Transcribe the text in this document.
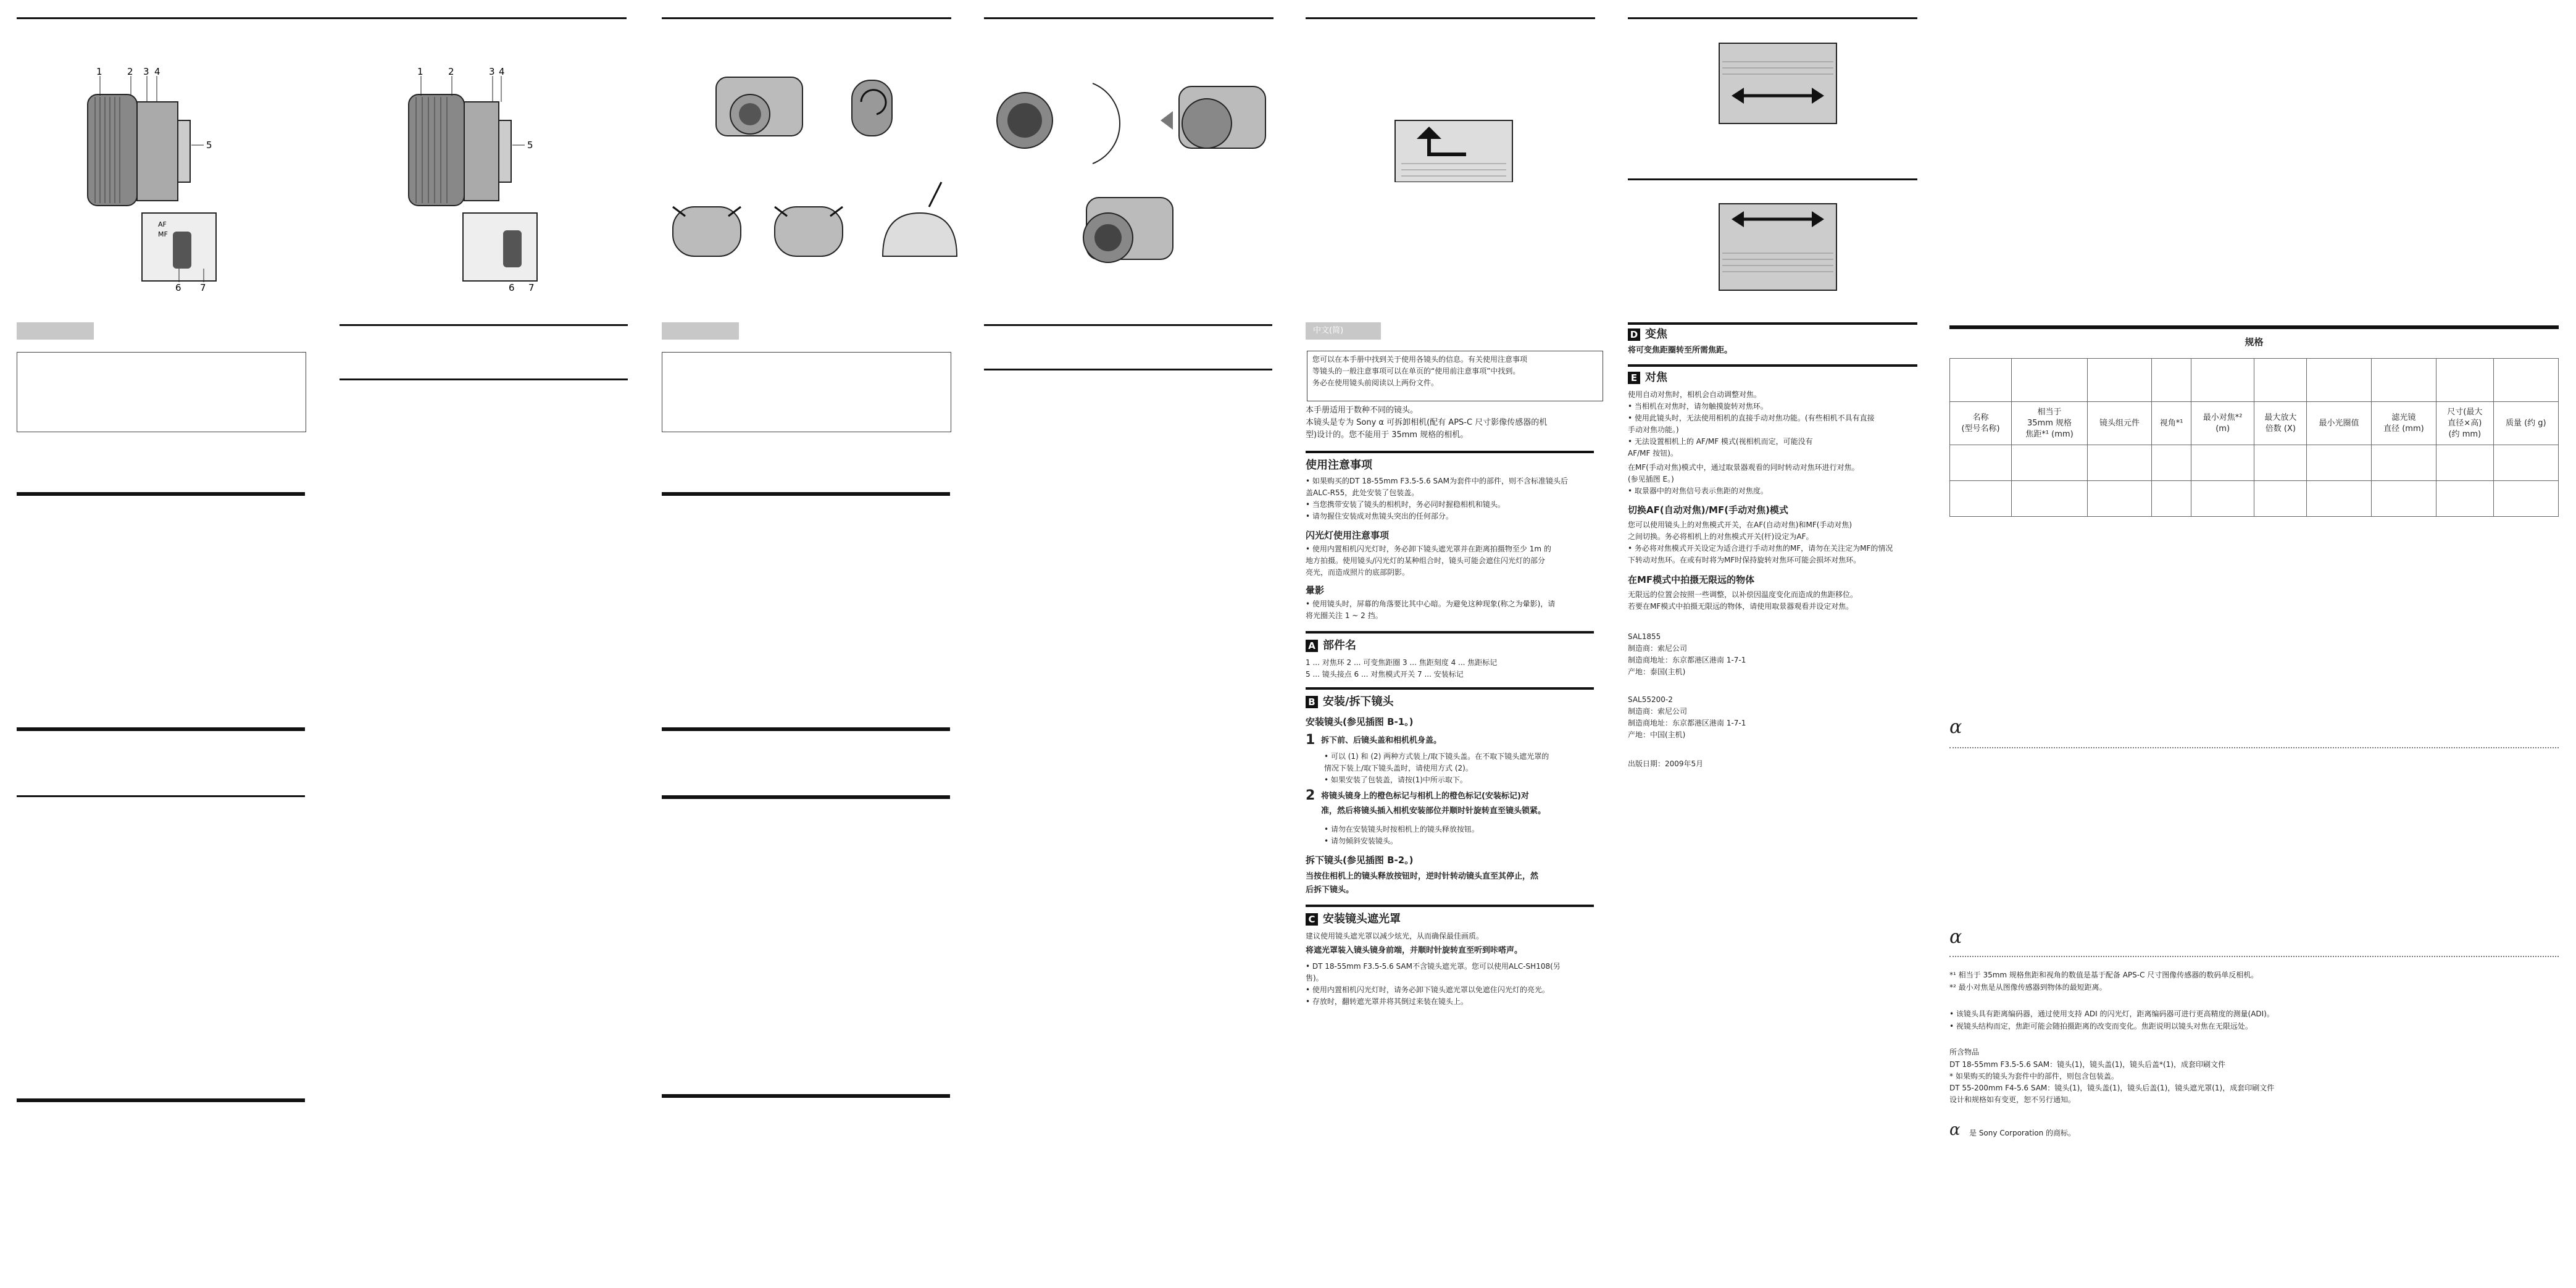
1	2 3 4
5
6 7
AF
MF
1	2	3 4
5
6 7
中文(简)
您可以在本手册中找到关于使用各镜头的信息。有关使用注意事项
等镜头的一般注意事项可以在单页的“使用前注意事项”中找到。
务必在使用镜头前阅读以上两份文件。
本手册适用于数种不同的镜头。
本镜头是专为 Sony α 可拆卸相机(配有 APS-C 尺寸影像传感器的机
型)设计的。您不能用于 35mm 规格的相机。
使用注意事项
• 如果购买的DT 18-55mm F3.5-5.6 SAM为套件中的部件，则不含标准镜头后
盖ALC-R55，此处安装了包装盖。
• 当您携带安装了镜头的相机时，务必同时握稳相机和镜头。
• 请勿握住安装成对焦镜头突出的任何部分。
闪光灯使用注意事项
• 使用内置相机闪光灯时，务必卸下镜头遮光罩并在距离拍摄物至少 1m 的
地方拍摄。使用镜头/闪光灯的某种组合时，镜头可能会遮住闪光灯的部分
亮光，而造成照片的底部阴影。
暈影
• 使用镜头时，屏幕的角落要比其中心暗。为避免这种现象(称之为暈影)，请
将光圈关注 1 ~ 2 挡。
A 部件名
1 ... 对焦环 2 ... 可变焦距圈 3 ... 焦距刻度 4 ... 焦距标记
5 ... 镜头接点 6 ... 对焦模式开关 7 ... 安装标记
B 安装/拆下镜头
安装镜头(参见插图 B-1。)
1 拆下前、后镜头盖和相机机身盖。
• 可以 (1) 和 (2) 两种方式装上/取下镜头盖。在不取下镜头遮光罩的
情况下装上/取下镜头盖时，请使用方式 (2)。
• 如果安装了包装盖，请按(1)中所示取下。
2 将镜头镜身上的橙色标记与相机上的橙色标记(安装标记)对
准，然后将镜头插入相机安装部位并顺时针旋转直至镜头锁紧。
• 请勿在安装镜头时按相机上的镜头释放按钮。
• 请勿倾斜安装镜头。
拆下镜头(参见插图 B-2。)
当按住相机上的镜头释放按钮时，逆时针转动镜头直至其停止，然
后拆下镜头。
C 安装镜头遮光罩
建议使用镜头遮光罩以减少炫光，从而确保最佳画质。
将遮光罩装入镜头镜身前端，并顺时针旋转直至听到咔嗒声。
• DT 18-55mm F3.5-5.6 SAM不含镜头遮光罩。您可以使用ALC-SH108(另
售)。
• 使用内置相机闪光灯时，请务必卸下镜头遮光罩以免遮住闪光灯的亮光。
• 存放时，翻转遮光罩并将其倒过来装在镜头上。
D 变焦
将可变焦距圈转至所需焦距。
E 对焦
使用自动对焦时，相机会自动调整对焦。
• 当相机在对焦时，请勿触摸旋转对焦环。
• 使用此镜头时，无法使用相机的直接手动对焦功能。(有些相机不具有直接
手动对焦功能。)
• 无法设置相机上的 AF/MF 模式(视相机而定，可能没有
AF/MF 按钮)。
在MF(手动对焦)模式中，通过取景器观看的同时转动对焦环进行对焦。
(参见插图 E。)
• 取景器中的对焦信号表示焦距的对焦度。
切换AF(自动对焦)/MF(手动对焦)模式
您可以使用镜头上的对焦模式开关，在AF(自动对焦)和MF(手动对焦)
之间切换。务必将相机上的对焦模式开关(杆)设定为AF。
• 务必将对焦模式开关设定为适合进行手动对焦的MF，请勿在关注定为MF的情况
下转动对焦环。在或有时将为MF时保持旋转对焦环可能会损坏对焦环。
在MF模式中拍摄无限远的物体
无限远的位置会按照一些调整，以补偿因温度变化而造成的焦距移位。
若要在MF模式中拍摄无限远的物体，请使用取景器观看并设定对焦。
SAL1855
制造商：索尼公司
制造商地址：东京都港区港南 1-7-1
产地：泰国(主机)
SAL55200-2
制造商：索尼公司
制造商地址：东京都港区港南 1-7-1
产地：中国(主机)
出版日期：2009年5月
规格

名称
(型号名称)	相当于
35mm 规格
焦距*¹ (mm)	镜头组元件	视角*¹	最小对焦*²
(m)	最大放大
倍数 (X)	最小光圈值	滤光镜
直径 (mm)	尺寸(最大
直径×高)
(约 mm)	质量 (约 g)

α
α
*¹ 相当于 35mm 规格焦距和视角的数值是基于配备 APS-C 尺寸图像传感器的数码单反相机。
*² 最小对焦是从图像传感器到物体的最短距离。
• 该镜头具有距离编码器，通过使用支持 ADI 的闪光灯，距离编码器可进行更高精度的测量(ADI)。
• 视镜头结构而定，焦距可能会随拍摄距离的改变而变化。焦距说明以镜头对焦在无限远处。
所含物品
DT 18-55mm F3.5-5.6 SAM：镜头(1)，镜头盖(1)，镜头后盖*(1)，成套印刷文件
* 如果购买的镜头为套件中的部件，则包含包装盖。
DT 55-200mm F4-5.6 SAM：镜头(1)，镜头盖(1)，镜头后盖(1)，镜头遮光罩(1)，成套印刷文件
设计和规格如有变更，恕不另行通知。
α 是 Sony Corporation 的商标。
